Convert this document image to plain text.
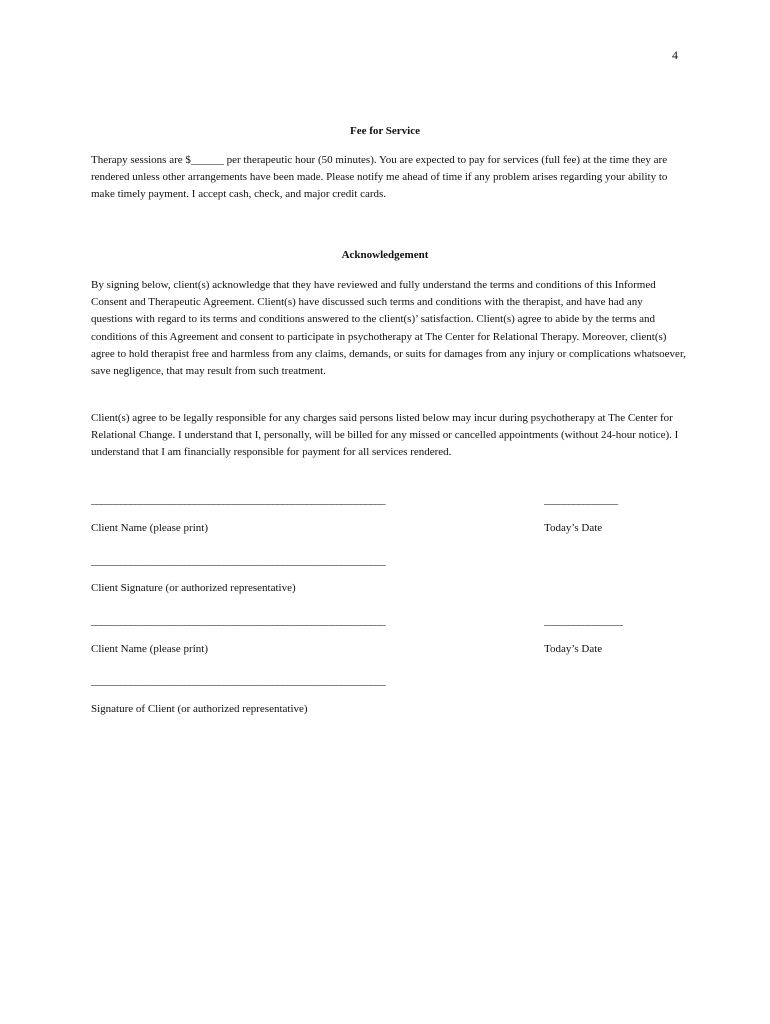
4
Fee for Service
Therapy sessions are $______ per therapeutic hour (50 minutes). You are expected to pay for services (full fee) at the time they are rendered unless other arrangements have been made. Please notify me ahead of time if any problem arises regarding your ability to make timely payment. I accept cash, check, and major credit cards.
Acknowledgement
By signing below, client(s) acknowledge that they have reviewed and fully understand the terms and conditions of this Informed Consent and Therapeutic Agreement. Client(s) have discussed such terms and conditions with the therapist, and have had any questions with regard to its terms and conditions answered to the client(s)’ satisfaction. Client(s) agree to abide by the terms and conditions of this Agreement and consent to participate in psychotherapy at The Center for Relational Therapy. Moreover, client(s) agree to hold therapist free and harmless from any claims, demands, or suits for damages from any injury or complications whatsoever, save negligence, that may result from such treatment.
Client(s) agree to be legally responsible for any charges said persons listed below may incur during psychotherapy at The Center for Relational Change. I understand that I, personally, will be billed for any missed or cancelled appointments (without 24-hour notice). I understand that I am financially responsible for payment for all services rendered.
____________________________________________________________	_______________
Client Name (please print)	Today’s Date
____________________________________________________________
Client Signature (or authorized representative)
____________________________________________________________	________________
Client Name (please print)	Today’s Date
____________________________________________________________
Signature of Client (or authorized representative)
